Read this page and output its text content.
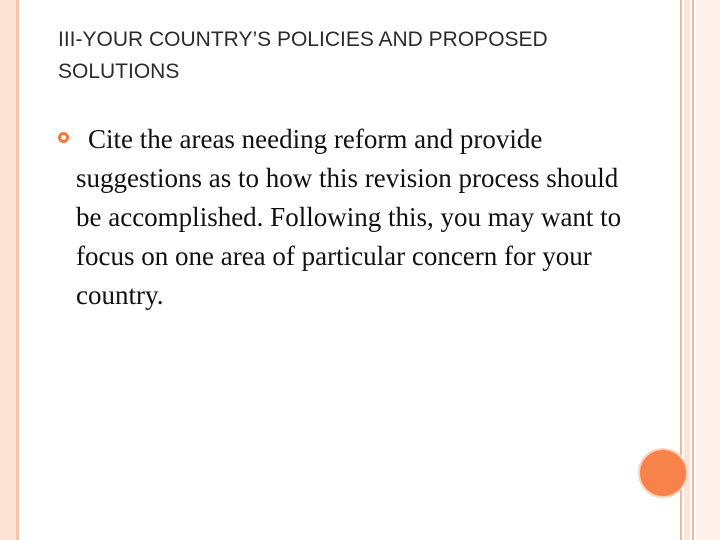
III-YOUR COUNTRY’S POLICIES AND PROPOSED SOLUTIONS

Cite the areas needing reform and provide suggestions as to how this revision process should be accomplished. Following this, you may want to focus on one area of particular concern for your country.
